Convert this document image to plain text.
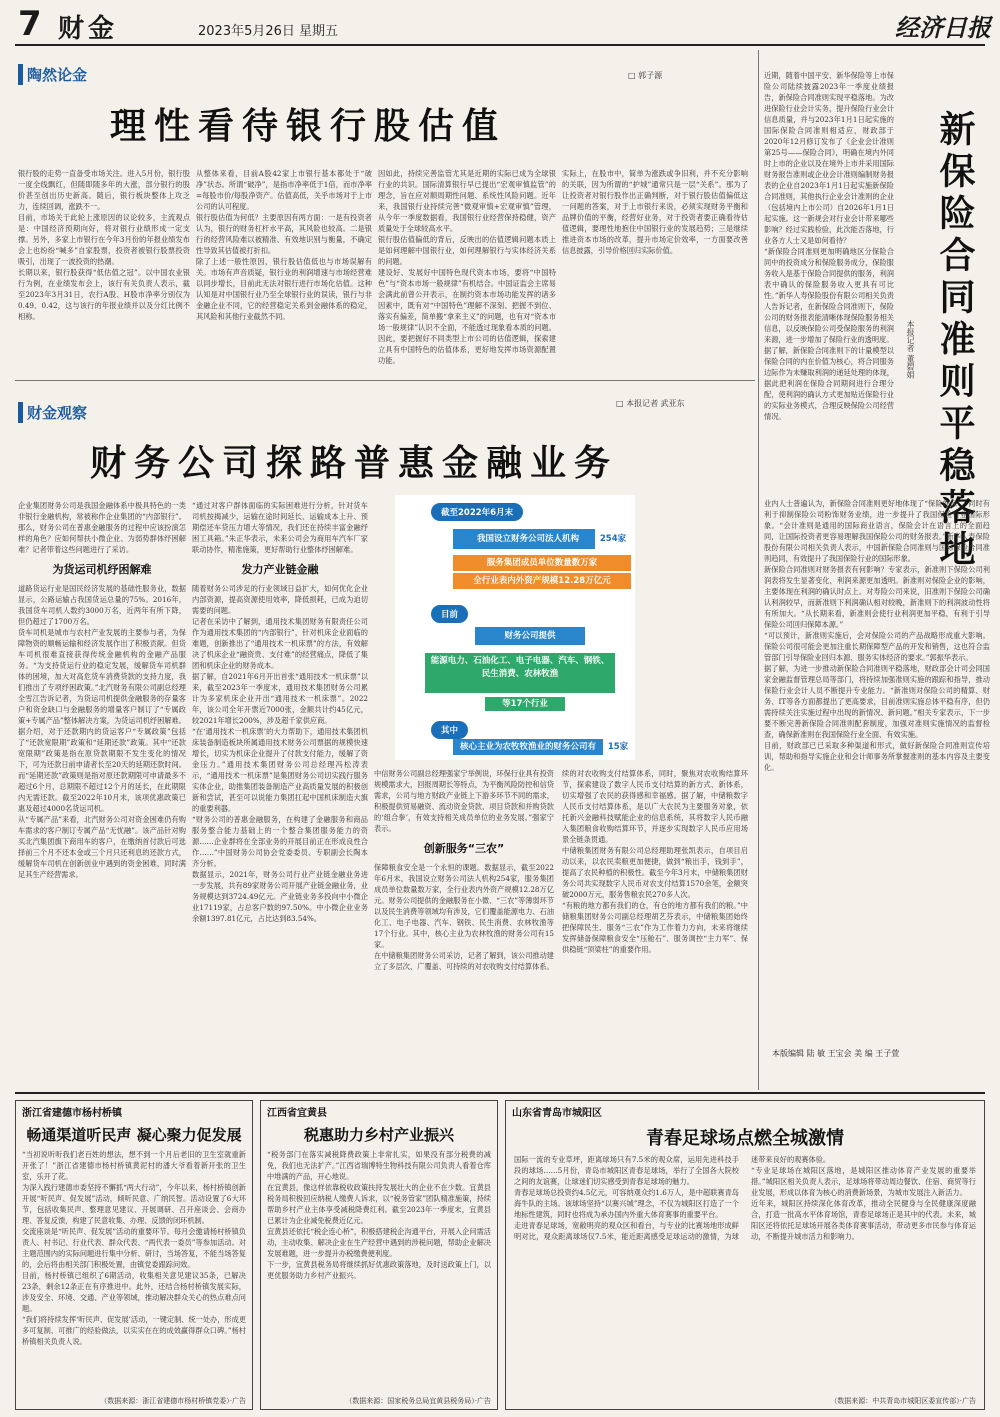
7 财金	2023年5月26日 星期五	经济日报
陶然论金	□ 郭子源
理性看待银行股估值

银行股的走势一直备受市场关注。进入5月份，银行股一度全线飘红，但随即随多年的大涨，部分银行的股价甚至创出历史新高。随后，银行板块整体上攻乏力，连续回调，涨跌不一。

目前，市场关于此轮上涨原因的议论较多，主流观点是：中国经济预期向好，将对银行业绩形成一定支撑。另外，多家上市银行在今年3月份的年报业绩发布会上也纷纷“喊多”自家股票，投资者被银行股票投资吸引，出现了一波投资的热潮。

长期以来，银行股获得“低估值之冠”。以中国农业银行为例，在业绩发布会上，该行有关负责人表示，截至2023年3月31日，农行A股、H股市净率分别仅为0.49、0.42，这与该行的年报业绩并以及分红比例不相称。

从整体来看，目前A股42家上市银行基本都处于“破净”状态。所谓“破净”，是指市净率低于1倍，而市净率=每股市价/每股净资产。估值高低，关乎市场对于上市公司的认可程度。

银行股估值为何低？主要原因有两方面：一是有投资者认为，银行的财务杠杆水平高，其风险也较高。二是银行的经营风险难以被精准、有效地识别与衡量，不确定性导致其估值被打折扣。

除了上述一般性原因，银行股估值低也与市场误解有关。市场有声音质疑，银行业的利润增速与市场经营难以同步增长，目前此无法对银行进行市场化估值。这种认知是对中国银行业乃至全球银行业的误读，银行与非金融企业不同，它的经营稳定关系到金融体系的稳定，其风险和其他行业截然不同。

因如此，持续完善监管尤其是近期的实际已成为全球银行业的共识。国际清算银行早已提出“宏观审慎监管”的理念，旨在应对顺周期性问题、系统性风险问题。近年来，我国银行业持续完善“微观审慎+宏观审慎”管理，从今年一季度数据看，我国银行业经营保持稳健，资产质量处于全球较高水平。

银行股估值偏低的背后，反映出的估值逻辑问题本质上是如何理解中国银行业，如何理解银行与实体经济关系的问题。

建设好、发展好中国特色现代资本市场，要将“中国特色”与“资本市场一般规律”有机结合。中国证监会主席易会满此前曾公开表示，在制约资本市场功能发挥的诸多因素中，既有对“中国特色”理解不深刻、把握不到位、落实有偏差，简单搬“拿来主义”的问题，也有对“资本市场一般规律”认识不全面，不能透过现象看本质的问题。因此，要把握好不同类型上市公司的估值逻辑，探索建立具有中国特色的估值体系，更好地发挥市场资源配置功能。

实际上，在股市中，简单为涨跌或争旧利，并不充分影响的关联，因为所谓的“护城”通常只是一层“关系”。那为了让投资者对银行股作出正确判断，对于银行股估值偏低这一问题的答案，对于上市银行来说，必须实现财务平衡和品牌价值的平衡，经营好业务，对于投资者要正确看待估值逻辑，要理性地抱住中国银行业的发展趋势；三是继续推进资本市场的改革，提升市场定价效率，一方面要改善信息披露，引导价格回归实际价值。

财金观察
□ 本报记者 武亚东
财务公司探路普惠金融业务

企业集团财务公司是我国金融体系中极具特色的一类非银行金融机构，常被称作企业集团的“内部银行”。那么，财务公司在普惠金融服务的过程中应该扮演怎样的角色？应如何帮扶小微企业、为弱势群体纾困解难？记者带着这些问题进行了采访。

为货运司机纾困解难

道路货运行业是国民经济发展的基础性服务业，数据显示，公路运输占我国货运总量的75%。2016年，我国货车司机人数约3000万名，近两年有所下降，但仍超过了1700万名。

货车司机是城市与农村产业发展的主要参与者，为保障物资的顺畅运输和经济发展作出了积极贡献。但货车司机很难直接获得传统金融机构的金融产品服务。“为支持货运行业的稳定发展，缓解货车司机群体的困境，加大对高危货车消费贷款的支持力度，我们推出了专项纾困政策。”北汽财务有限公司副总经理全雪江告诉记者，为货运司机提供金融服务的存量客户和资金缺口与金融服务的增量客户制订了“专属政策+专属产品”整体解决方案，为货运司机纾困解难。

据介绍，对于还款期内的货运客户“专属政策”包括了“还款宽限期”政策和“延期还款”政策。其中“还款宽限期”政策是指在原贷款期限不发生变化的情况下，可为还款日前申请者长至20天的延期还款时间。而“延期还款”政策则是指对原还款期限可申请最多不超过6个月，总期限不超过12个月的延长，在此期限内无需还款。截至2022年10月末，该项优惠政策已惠及超过4000名货运司机。

从“专属产品”来看，北汽财务公司对资金困难仍有购车需求的客户制订专属产品“无忧融”。该产品针对购买北汽集团旗下商用车的客户，在缴纳首付款后可选择前三个月不还本金或三个月只还利息的还款方式，缓解货车司机在创新创业中遇到的资金困难，同时满足其生产经营需求。

“通过对客户群体面临的实际困难进行分析，针对货车司机按揭减少，运输在途时间延长、运输成本上升、预期偿还车贷压力增大等情况，我们还在持续丰富金融纾困工具箱。”朱正华表示，未来公司会为商用车汽车厂家联动协作，精准施策，更好帮助行业整体纾困解难。

发力产业链金融

随着财务公司涉足的行业领域日益扩大，如何优化企业内部资源，提高资源使用效率，降低损耗，已成为迫切需要的问题。

记者在采访中了解到，通用技术集团财务有限责任公司作为通用技术集团的“内部银行”，针对机床企业面临的难题，创新推出了“通用技术一机床票”的方法，有效解决了机床企业“融资贵、支付难”的经营痛点，降低了集团和机床企业的财务成本。

据了解，自2021年6月开出首张“通用技术一机床票”以来，截至2023年一季度末，通用技术集团财务公司累计为多家机床企业开出“通用技术一机床票”。2022年，该公司全年开票近7000张，金额共计约45亿元，较2021年增长200%，涉及超千家供应商。

“在‘通用技术一机床票’的大力帮助下，通用技术集团机床装备制造板块所属通用技术财务公司票据的规模快速增长，切实为机床企业提升了付款支付能力，缓解了资金压力。”通用技术集团财务公司总经理冯松涛表示，“通用技术一机床票”是集团财务公司切实践行服务实体企业，助推集团装备制造产业高质量发展的积极创新和尝试，甚至可以说能力集团扛起中国机床制造大旗的重要利器。

“财务公司的普惠金融服务，在构建了金融服务和商品服务整合能力基础上的一个整合集团服务能力的资源……企业群将在全部业务的开展目前正在形成良性合作……”中国财务公司协会党委委员、专职副会长陶本齐分析。

数据显示，2021年，财务公司行业产业链金融业务进一步发展，共有89家财务公司开展产业链金融业务，业务规模达到3724.49亿元。产业链业务多投向中小微企业17119家，占总客户数的97.50%。中小微企业业务余额1397.81亿元，占比达到83.54%。

截至2022年6月末
我国设立财务公司法人机构	254家
服务集团成员单位数量数万家
全行业表内外资产规模12.28万亿元
目前
财务公司提供
能源电力、石油化工、电子电器、汽车、钢铁、民生消费、农林牧渔
等17个行业
其中
核心主业为农牧牧渔业的财务公司有	15家

中信财务公司副总经理强家宁举例说，环保行业具有投资规模需求大，回报周期长等特点，为平衡风险防控和信贷需求，公司与地方财政产业链上下游多环节不同的需求，积极提供贸易融资、流动资金贷款、项目贷款和并购贷款的‘组合拳’，有效支持相关成员单位的业务发展。”强家宁表示。

创新服务“三农”

保障粮食安全是一个永恒的课题。数据显示，截至2022年6月末，我国设立财务公司法人机构254家，服务集团成员单位数量数万家，全行业表内外资产规模12.28万亿元。财务公司提供的金融服务在小微、“三农”等薄弱环节以及民生消费等领域均有涉及，它们覆盖能源电力、石油化工、电子电器、汽车、钢铁、民生消费、农林牧渔等17个行业。其中，核心主业为农林牧渔的财务公司有15家。

在中储粮集团财务公司采访，记者了解到，该公司推动建立了多层次、广覆盖、可持续的对农收购支付结算体系。

续的对农收购支付结算体系，同时，聚焦对农收购结算环节，探索建设了数字人民币支付结算的新方式、新体系，切实增强了农民的获得感和幸福感。据了解，中储粮数字人民币支付结算体系，是以广大农民为主要服务对象，依托新兴金融科技赋能企业的信息系统，其将数字人民币融入集团粮食收购结算环节，并逐步实现数字人民币应用场景全链条贯通。

中储粮集团财务有限公司总经理助理张凯表示，自项目启动以来，以农民卖粮更加便捷，做到“粮出手，钱到手”，提高了农民种植的积极性。截至今年3月末，中储粮集团财务公司共实现数字人民币对农支付结算1570余笔，金额突破2000万元，服务售粮农民270多人次。

“有粮的地方都有我们的仓，有仓的地方都有我们的粮。”中储粮集团财务公司副总经理胡艺芬表示，中储粮集团始终把保障民生、服务“三农”作为工作着力方向，未来将继续发挥储备保障粮食安全“压舱石”、服务调控“主力军”、保供稳链“顶梁柱”的重要作用。

新保险合同准则平稳落地
本报记者 董碧娟

近期，随着中国平安、新华保险等上市保险公司陆续披露2023年一季度业绩报告，新保险合同准则实现平稳落地。为改进保险行业会计实务，提升保险行业会计信息质量，并与2023年1月1日起实施的国际保险合同准则相适应，财政部于2020年12月修订发布了《企业会计准则第25号——保险合同》，明确在境内外同时上市的企业以及在境外上市并采用国际财务报告准则或企业会计准则编制财务报表的企业自2023年1月1日起实施新保险合同准则，其他执行企业会计准则的企业（包括境内上市公司）自2026年1月1日起实施。这一新规会对行业会计带来哪些影响？经过实践检验，此次能否落地，行业各方人士又是如何看待？

“新保险合同准则更加明确地区分保险合同中的投资成分和保险服务成分，保险服务收入是基于保险合同提供的服务，利润表中确认的保险服务收入更具有可比性。”新华人寿保险股份有限公司相关负责人告诉记者，在新保险合同准则下，保险公司的财务报表能清晰体现保险服务相关信息，以反映保险公司受保险服务的利润来源，进一步增加了保险行业的透明度。

据了解，新保险合同准则下的计量模型以保险合同的内在价值为核心，将合同服务边际作为未赚取利润的递延处理的体现，据此把利润在保险合同期间进行合理分配，使利润的确认方式更加贴近保险行业的实际业务模式，合理反映保险公司经营情况。

业内人士普遍认为，新保险合同准则更好地体现了“保险姓保”，同时有利于抑制保险公司粉饰财务业绩，进一步提升了我国保险行业国际形象。“会计准则是通用的国际商业语言，保险会计在语言上的全面趋同，让国际投资者更容易理解我国保险公司的财务报表。”新华人寿保险股份有限公司相关负责人表示，中国新保险合同准则与国际保险合同准则趋同，有效提升了我国保险行业的国际形象。

新保险合同准则对财务报表有何影响？专家表示，新准则下保险公司利润表将发生显著变化，利润来源更加透明。新准则对保险企业的影响，主要体现在利润的确认时点上。对寿险公司来说，旧准则下保险公司确认利润较早，而新准则下利润确认相对较晚，新准则下的利润波动性将有所加大。“从长期来看，新准则会使行业利润更加平稳，有利于引导保险公司回归保障本源。”

“可以预计，新准则实施后，会对保险公司的产品战略形成重大影响。保险公司很可能会更加注重长期保障型产品的开发和销售，这也符合监管部门引导保险业回归本源、服务实体经济的要求。”郭振华表示。

据了解，为进一步推动新保险合同准则平稳落地，财政部会计司会同国家金融监督管理总局等部门，将持续加强准则实施的跟踪和指导，推动保险行业会计人员不断提升专业能力。“新准则对保险公司的精算、财务、IT等各方面都提出了更高要求，目前准则实施总体平稳有序，但仍需持续关注实施过程中出现的新情况、新问题。”相关专家表示，下一步要不断完善新保险合同准则配套制度，加强对准则实施情况的监督检查，确保新准则在我国保险行业全面、有效实施。

目前，财政部已已采取多种渠道和形式，做好新保险合同准则宣传培训，帮助和指导实施企业和会计师事务所掌握准则的基本内容及主要变化。

本版编辑 陆 敏 王宝会 美 编 王子萱
浙江省建德市杨村桥镇
畅通渠道听民声 凝心聚力促发展

“当初说听听我们老百姓的想法，想不到一个月后老旧的卫生室就重新开张了！”浙江省建德市杨村桥镇黄泥村的潘大爷看着新开张的卫生室，乐开了花。

为深入践行建德市委坚持不懈抓“两大行动”，今年以来，杨村桥镇创新开展“听民声、促发展”活动，倾听民意、广纳民智。活动设置了6大环节，包括收集民声、整理意见建议、开展调研、召开座谈会、会商办理、答复反馈，构建了民意收集、办理、反馈的闭环机制。

交流座谈是“听民声、促发展”活动的重要环节。每月会邀请杨村桥镇负责人、村书记、行业代表、群众代表、“两代表一委员”等参加活动。对主题范围内的实际问题进行集中分析、研讨，当场答复，不能当场答复的，会后将由相关部门积极处置，由镇党委跟踪问效。

目前，杨村桥镇已组织了6期活动，收集相关意见建议35条，已解决23条，剩余12条正在有序推进中。此外，还结合杨村桥镇发展实际，涉及安全、环境、交通、产业等领域，推动解决群众关心的热点难点问题。

“我们将持续发挥‘听民声、促发展’活动，一键定制、统一处办，形成更多可复制、可推广的经验做法，以实实在在的成效赢得群众口碑。”杨村桥镇相关负责人说。

（数据来源：浙江省建德市杨村桥镇党委）·广告
江西省宜黄县
税惠助力乡村产业振兴

“税务部门在落实减税降费政策上非常扎实，如果没有部分税费的减免，我们也无法扩产。”江西省瑞博特生物科技有限公司负责人看着仓库中堆满的产品，开心地说。

在宜黄县，像这样依靠税收政策扶持发展壮大的企业不在少数。宜黄县税务局积极回应纳税人缴费人诉求，以“税务管家”团队精准施策，持续帮助乡村产业主体享受减税降费红利。截至2023年一季度末，宜黄县已累计为企业减免税费近亿元。

宜黄县还依托“税企连心桥”，积极搭建税企沟通平台，开展入企问需活动，主动收集、解决企业在生产经营中遇到的涉税问题，帮助企业解决发展难题，进一步提升办税缴费便利度。

下一步，宜黄县税务局将继续抓好优惠政策落地，及时送政策上门，以更优服务助力乡村产业振兴。

（数据来源：国家税务总局宜黄县税务局）·广告
山东省青岛市城阳区
青春足球场点燃全城激情

国际一流的专业草坪，距离球场只有7.5米的观众席，运用先进科技手段的球场……5月份，青岛市城阳区青春足球场，举行了全国各大院校之间的友谊赛，让球迷们切实感受到青春足球场的魅力。

青春足球场总投资约4.5亿元，可容纳观众约1.6万人，是中超联赛青岛海牛队的主场。该球场坚持“以赛兴城”理念，不仅为城阳区打造了一个地标性建筑，同时也将成为承办国内外重大体育赛事的重要平台。

走进青春足球场，宽敞明亮的观众区和看台，与专业的比赛场地形成鲜明对比，观众距离球场仅7.5米，能近距离感受足球运动的激情，为球迷带来良好的观赛体验。

“专业足球场在城阳区落地，是城阳区推动体育产业发展的重要举措。”城阳区相关负责人表示，足球场将带动周边餐饮、住宿、商贸等行业发展，形成以体育为核心的消费新场景，为城市发展注入新活力。

近年来，城阳区持续深化体育改革，推动全民健身与全民健康深度融合，打造一批高水平体育场馆，青春足球场正是其中的代表。未来，城阳区还将依托足球场开展各类体育赛事活动，带动更多市民参与体育运动，不断提升城市活力和影响力。

（数据来源：中共青岛市城阳区委宣传部）·广告
